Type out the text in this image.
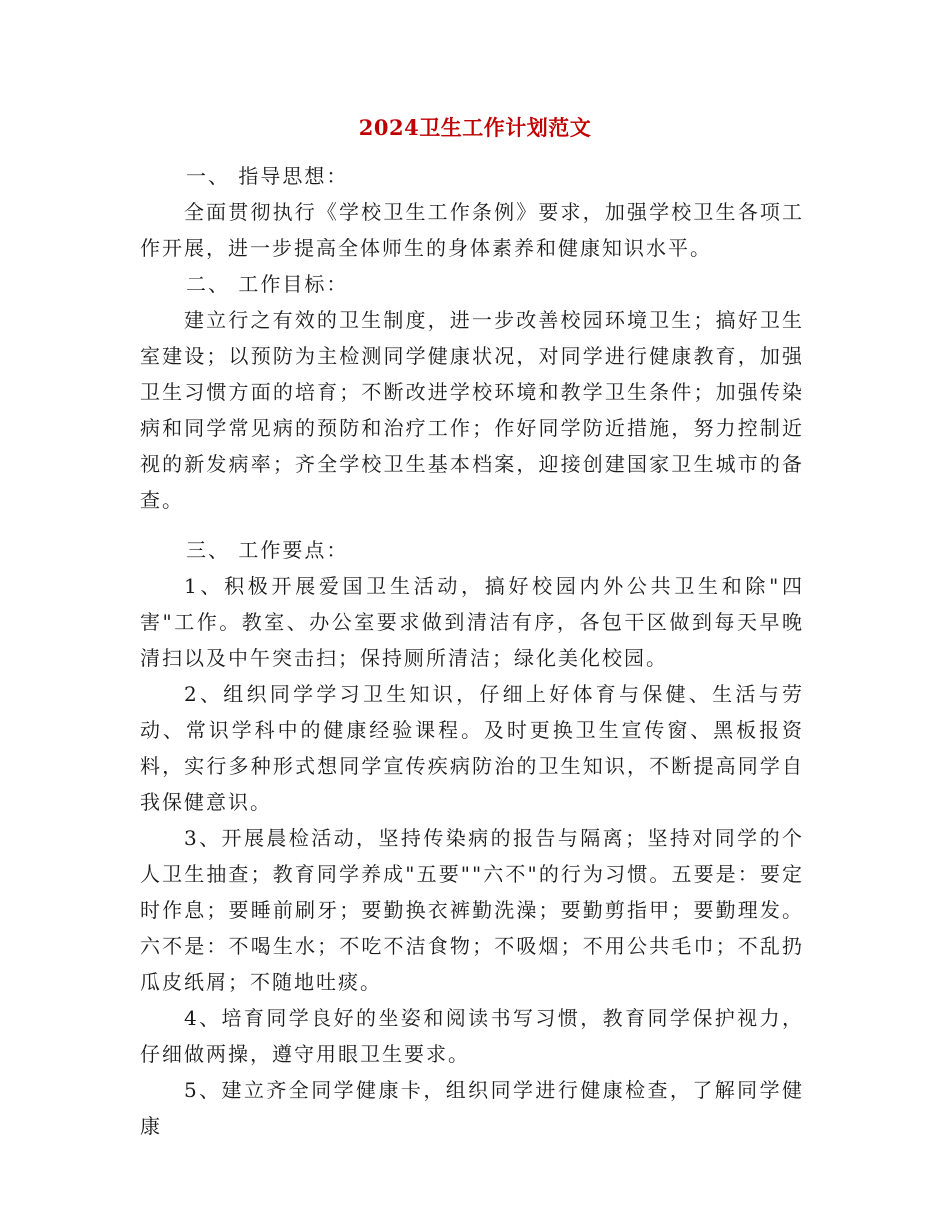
2024卫生工作计划范文

一、 指导思想：

全面贯彻执行《学校卫生工作条例》要求，加强学校卫生各项工作开展，进一步提高全体师生的身体素养和健康知识水平。

二、 工作目标：

建立行之有效的卫生制度，进一步改善校园环境卫生；搞好卫生室建设；以预防为主检测同学健康状况，对同学进行健康教育，加强卫生习惯方面的培育；不断改进学校环境和教学卫生条件；加强传染病和同学常见病的预防和治疗工作；作好同学防近措施，努力控制近视的新发病率；齐全学校卫生基本档案，迎接创建国家卫生城市的备查。

三、 工作要点：

1、积极开展爱国卫生活动，搞好校园内外公共卫生和除"四害"工作。教室、办公室要求做到清洁有序，各包干区做到每天早晚清扫以及中午突击扫；保持厕所清洁；绿化美化校园。

2、组织同学学习卫生知识，仔细上好体育与保健、生活与劳动、常识学科中的健康经验课程。及时更换卫生宣传窗、黑板报资料，实行多种形式想同学宣传疾病防治的卫生知识，不断提高同学自我保健意识。

3、开展晨检活动，坚持传染病的报告与隔离；坚持对同学的个人卫生抽查；教育同学养成"五要""六不"的行为习惯。五要是：要定时作息；要睡前刷牙；要勤换衣裤勤洗澡；要勤剪指甲；要勤理发。六不是：不喝生水；不吃不洁食物；不吸烟；不用公共毛巾；不乱扔瓜皮纸屑；不随地吐痰。

4、培育同学良好的坐姿和阅读书写习惯，教育同学保护视力，仔细做两操，遵守用眼卫生要求。

5、建立齐全同学健康卡，组织同学进行健康检查，了解同学健康
